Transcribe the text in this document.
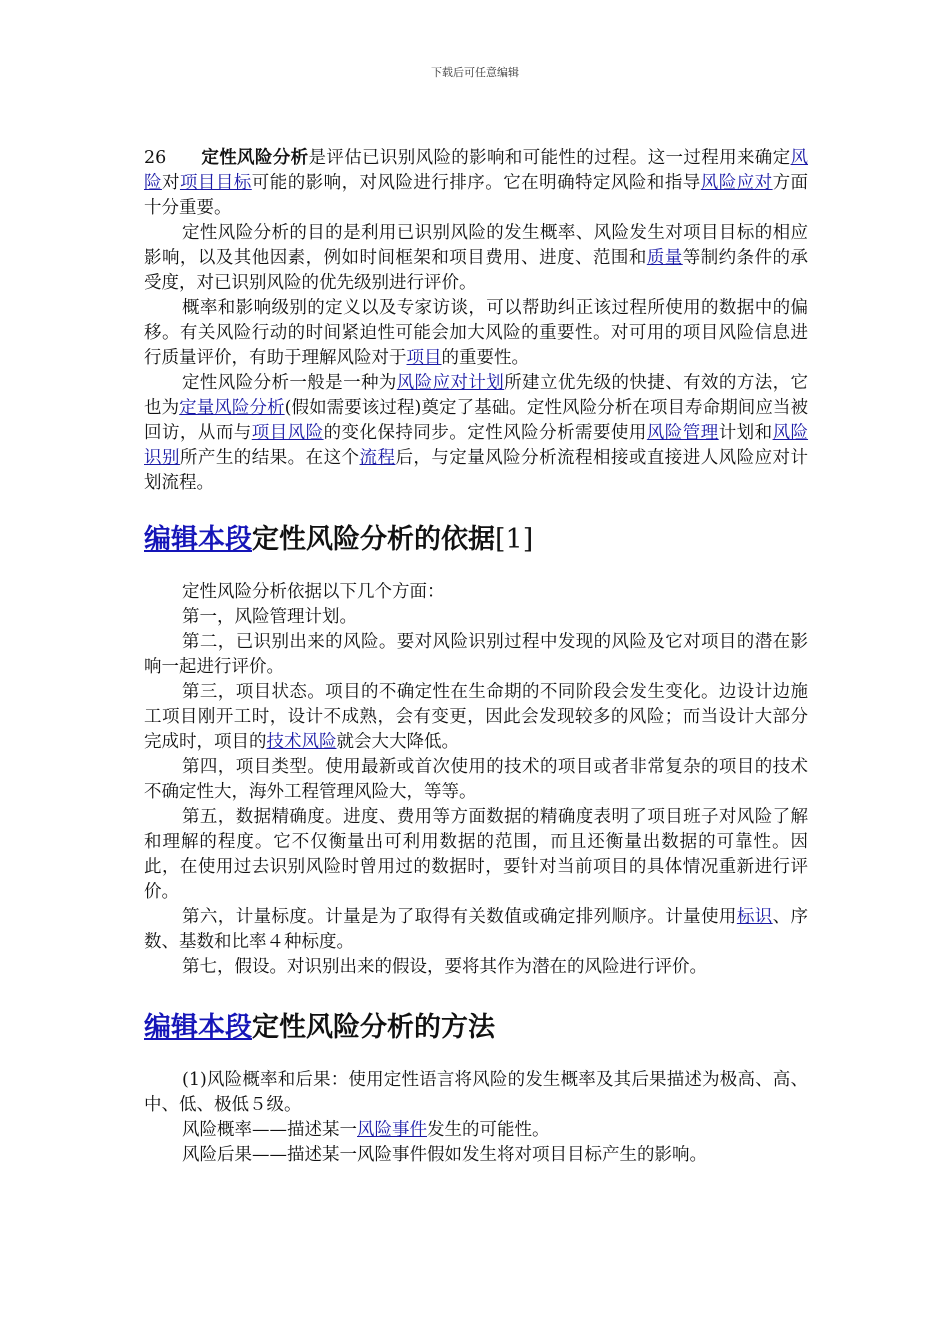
下载后可任意编辑

26 定性风险分析是评估已识别风险的影响和可能性的过程。这一过程用来确定风险对项目目标可能的影响，对风险进行排序。它在明确特定风险和指导风险应对方面十分重要。

定性风险分析的目的是利用已识别风险的发生概率、风险发生对项目目标的相应影响，以及其他因素，例如时间框架和项目费用、进度、范围和质量等制约条件的承受度，对已识别风险的优先级别进行评价。

概率和影响级别的定义以及专家访谈，可以帮助纠正该过程所使用的数据中的偏移。有关风险行动的时间紧迫性可能会加大风险的重要性。对可用的项目风险信息进行质量评价，有助于理解风险对于项目的重要性。

定性风险分析一般是一种为风险应对计划所建立优先级的快捷、有效的方法，它也为定量风险分析(假如需要该过程)奠定了基础。定性风险分析在项目寿命期间应当被回访，从而与项目风险的变化保持同步。定性风险分析需要使用风险管理计划和风险识别所产生的结果。在这个流程后，与定量风险分析流程相接或直接进人风险应对计划流程。

编辑本段定性风险分析的依据[1]

定性风险分析依据以下几个方面：

第一，风险管理计划。

第二，已识别出来的风险。要对风险识别过程中发现的风险及它对项目的潜在影响一起进行评价。

第三，项目状态。项目的不确定性在生命期的不同阶段会发生变化。边设计边施工项目刚开工时，设计不成熟，会有变更，因此会发现较多的风险；而当设计大部分完成时，项目的技术风险就会大大降低。

第四，项目类型。使用最新或首次使用的技术的项目或者非常复杂的项目的技术不确定性大，海外工程管理风险大，等等。

第五，数据精确度。进度、费用等方面数据的精确度表明了项目班子对风险了解和理解的程度。它不仅衡量出可利用数据的范围，而且还衡量出数据的可靠性。因此，在使用过去识别风险时曾用过的数据时，要针对当前项目的具体情况重新进行评价。

第六，计量标度。计量是为了取得有关数值或确定排列顺序。计量使用标识、序数、基数和比率４种标度。

第七，假设。对识别出来的假设，要将其作为潜在的风险进行评价。

编辑本段定性风险分析的方法

(1)风险概率和后果：使用定性语言将风险的发生概率及其后果描述为极高、高、中、低、极低５级。

风险概率——描述某一风险事件发生的可能性。

风险后果——描述某一风险事件假如发生将对项目目标产生的影响。
